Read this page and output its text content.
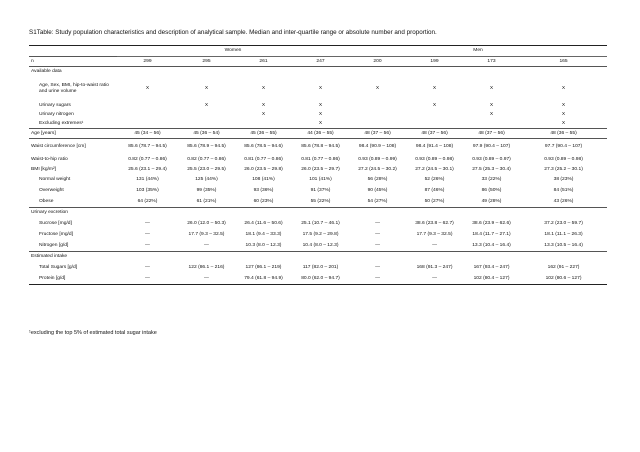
S1Table: Study population characteristics and description of analytical sample. Median and inter-quartile range or absolute number and proportion.
	Women				Men			
n	299	295	261	247	200	199	173	165
Available data								
Age, Sex, BMI, hip-to-waist ratio and urine volume	X	X	X	X	X	X	X	X
Urinary sugars		X	X	X		X	X	X
Urinary nitrogen			X	X			X	X
Excluding extremes¹				X				X
Age [years]	45 (34 – 56)	45 (36 – 54)	45 (36 – 55)	44 (36 – 55)	48 (37 – 56)	48 (37 – 56)	48 (37 – 56)	48 (36 – 55)
Waist circumference [cm]	85.6 (78.7 – 94.5)	85.6 (78.9 – 94.5)	85.6 (78.5 – 94.6)	85.6 (78.8 – 94.5)	98.4 (90.9 – 108)	98.4 (91.4 – 108)	97.9 (90.4 – 107)	97.7 (90.4 – 107)
Waist-to-hip ratio	0.82 (0.77 – 0.86)	0.82 (0.77 – 0.86)	0.81 (0.77 – 0.86)	0.81 (0.77 – 0.86)	0.93 (0.89 – 0.99)	0.93 (0.89 – 0.98)	0.93 (0.89 – 0.97)	0.93 (0.89 – 0.98)
BMI [kg/m²]	25.6 (23.1 – 29.4)	25.5 (23.0 – 29.5)	26.0 (23.5 – 29.8)	26.0 (23.5 – 29.7)	27.2 (24.5 – 30.2)	27.2 (24.5 – 30.1)	27.5 (25.3 – 30.4)	27.3 (25.2 – 30.1)
Normal weight	131 (44%)	125 (44%)	108 (41%)	101 (41%)	56 (28%)	52 (26%)	33 (22%)	38 (23%)
Overweight	103 (35%)	99 (35%)	93 (36%)	91 (37%)	90 (45%)	87 (46%)	86 (50%)	84 (51%)
Obese	64 (22%)	61 (21%)	60 (23%)	55 (22%)	54 (27%)	50 (27%)	49 (28%)	43 (26%)
Urinary excretion								
Sucrose [mg/d]	—	26.0 (12.0 – 50.3)	26.4 (11.6 – 50.6)	25.1 (10.7 – 46.1)	—	38.6 (23.8 – 62.7)	38.6 (23.9 – 62.6)	37.2 (23.0 – 59.7)
Fructose [mg/d]	—	17.7 (9.3 – 32.5)	18.1 (9.4 – 33.3)	17.5 (9.2 – 29.8)	—	17.7 (9.3 – 32.5)	18.4 (11.7 – 27.1)	18.1 (11.1 – 26.3)
Nitrogen [g/d]	—	—	10.3 (8.0 – 12.3)	10.4 (8.0 – 12.3)	—	—	13.3 (10.4 – 16.4)	13.3 (10.5 – 16.4)
Estimated intake								
Total Sugars [g/d]	—	122 (86.1 – 216)	127 (86.1 – 219)	117 (82.0 – 201)	—	168 (91.3 – 247)	167 (93.4 – 247)	162 (91 – 227)
Protein [g/d]	—	—	79.4 (61.8 – 94.9)	80.0 (62.0 – 94.7)	—	—	102 (80.4 – 127)	102 (80.6 – 127)
¹excluding the top 5% of estimated total sugar intake
